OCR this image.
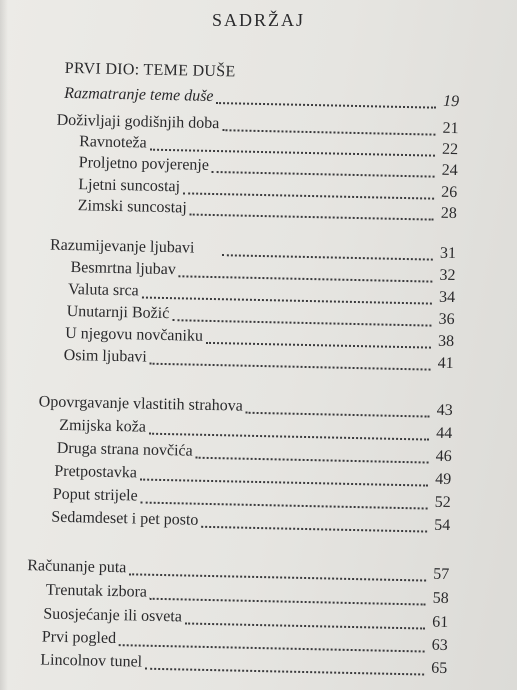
SADRŽAJ
PRVI DIO: TEME DUŠE
Razmatranje teme duše	19
Doživljaji godišnjih doba	21
Ravnoteža	22
Proljetno povjerenje	24
Ljetni suncostaj	26
Zimski suncostaj	28
Razumijevanje ljubavi	31
Besmrtna ljubav	32
Valuta srca	34
Unutarnji Božić	36
U njegovu novčaniku	38
Osim ljubavi	41
Opovrgavanje vlastitih strahova	43
Zmijska koža	44
Druga strana novčića	46
Pretpostavka	49
Poput strijele	52
Sedamdeset i pet posto	54
Računanje puta	57
Trenutak izbora	58
Suosjećanje ili osveta	61
Prvi pogled	63
Lincolnov tunel	65
